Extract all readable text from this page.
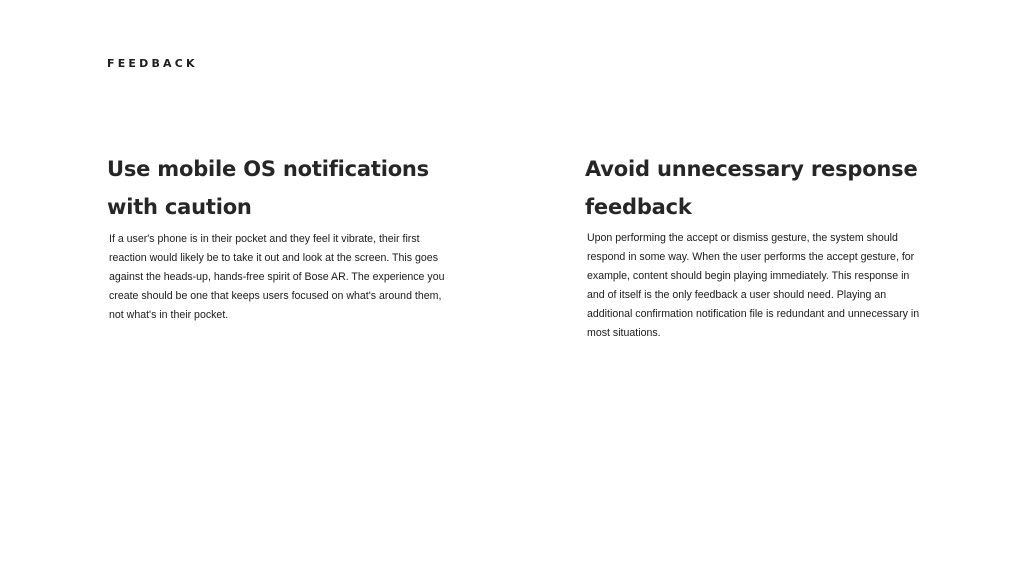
FEEDBACK
Use mobile OS notifications
with caution

If a user's phone is in their pocket and they feel it vibrate, their first reaction would likely be to take it out and look at the screen. This goes against the heads-up, hands-free spirit of Bose AR. The experience you create should be one that keeps users focused on what's around them, not what's in their pocket.

Avoid unnecessary response
feedback

Upon performing the accept or dismiss gesture, the system should respond in some way. When the user performs the accept gesture, for example, content should begin playing immediately. This response in and of itself is the only feedback a user should need. Playing an additional confirmation notification file is redundant and unnecessary in most situations.
